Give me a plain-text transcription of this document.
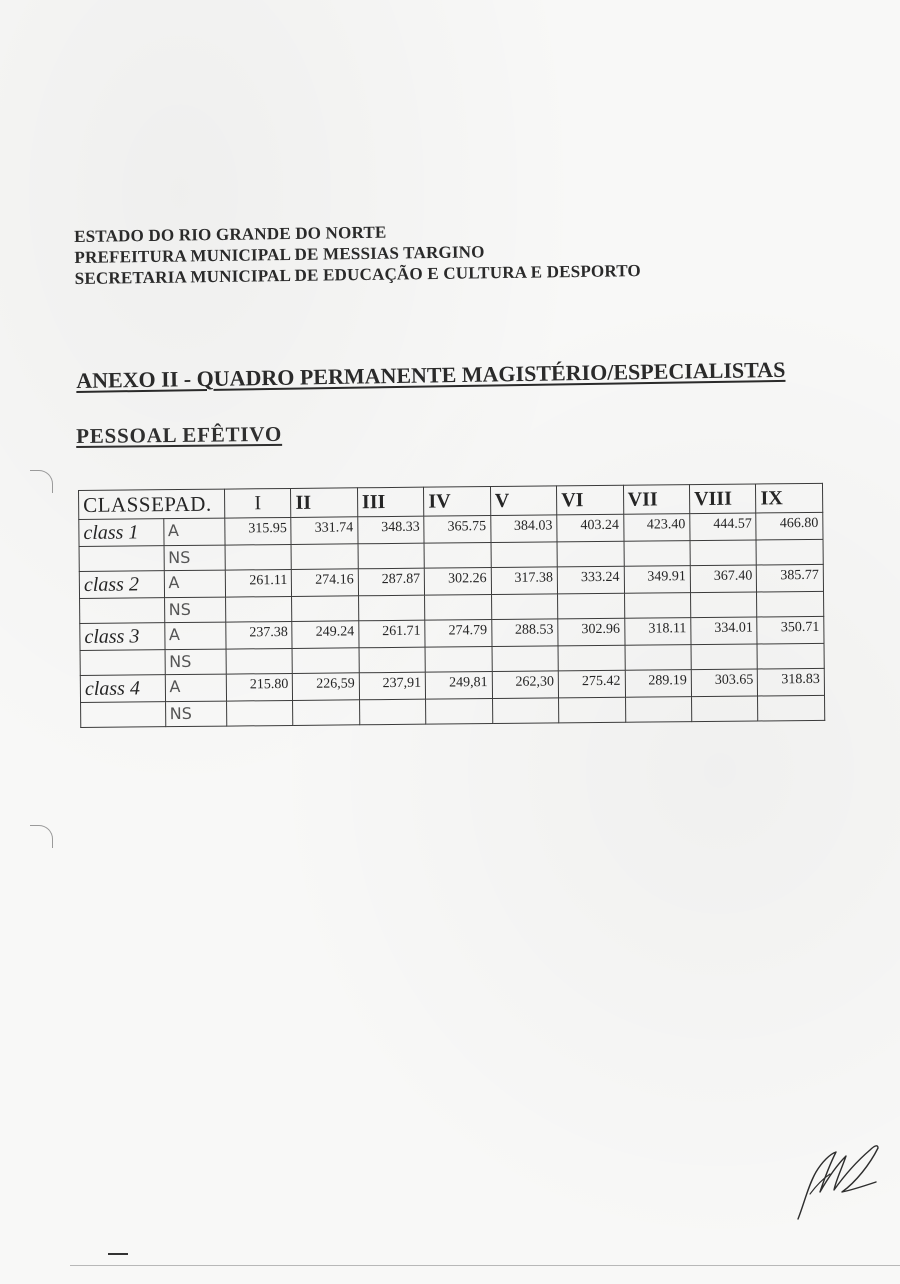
ESTADO DO RIO GRANDE DO NORTE
PREFEITURA MUNICIPAL DE MESSIAS TARGINO
SECRETARIA MUNICIPAL DE EDUCAÇÃO E CULTURA E DESPORTO
ANEXO II - QUADRO PERMANENTE MAGISTÉRIO/ESPECIALISTAS
PESSOAL EFÊTIVO
CLASSEPAD.		I	II	III	IV	V	VI	VII	VIII	IX
class 1	A	315.95	331.74	348.33	365.75	384.03	403.24	423.40	444.57	466.80
	NS									
class 2	A	261.11	274.16	287.87	302.26	317.38	333.24	349.91	367.40	385.77
	NS									
class 3	A	237.38	249.24	261.71	274.79	288.53	302.96	318.11	334.01	350.71
	NS									
class 4	A	215.80	226,59	237,91	249,81	262,30	275.42	289.19	303.65	318.83
	NS									
